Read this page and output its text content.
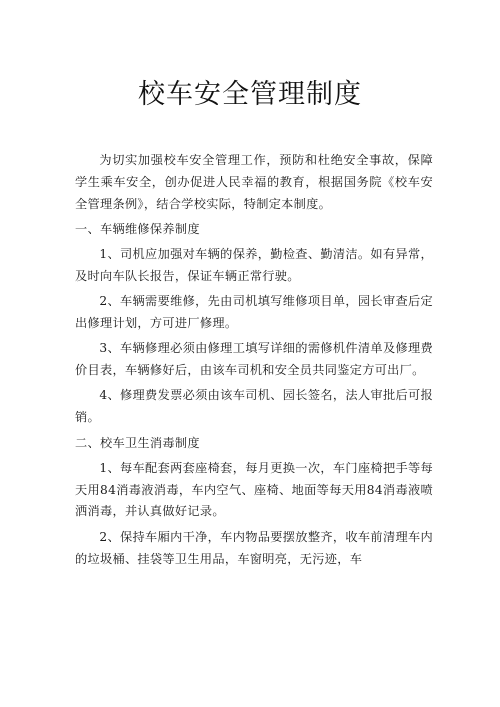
校车安全管理制度

为切实加强校车安全管理工作，预防和杜绝安全事故，保障学生乘车安全，创办促进人民幸福的教育，根据国务院《校车安全管理条例》，结合学校实际，特制定本制度。

一、车辆维修保养制度

1、司机应加强对车辆的保养，勤检查、勤清洁。如有异常，及时向车队长报告，保证车辆正常行驶。

2、车辆需要维修，先由司机填写维修项目单，园长审查后定出修理计划，方可进厂修理。

3、车辆修理必须由修理工填写详细的需修机件清单及修理费价目表，车辆修好后，由该车司机和安全员共同鉴定方可出厂。

4、修理费发票必须由该车司机、园长签名，法人审批后可报销。

二、校车卫生消毒制度

1、每车配套两套座椅套，每月更换一次，车门座椅把手等每天用84消毒液消毒，车内空气、座椅、地面等每天用84消毒液喷洒消毒，并认真做好记录。

2、保持车厢内干净，车内物品要摆放整齐，收车前清理车内的垃圾桶、挂袋等卫生用品，车窗明亮，无污迹，车
